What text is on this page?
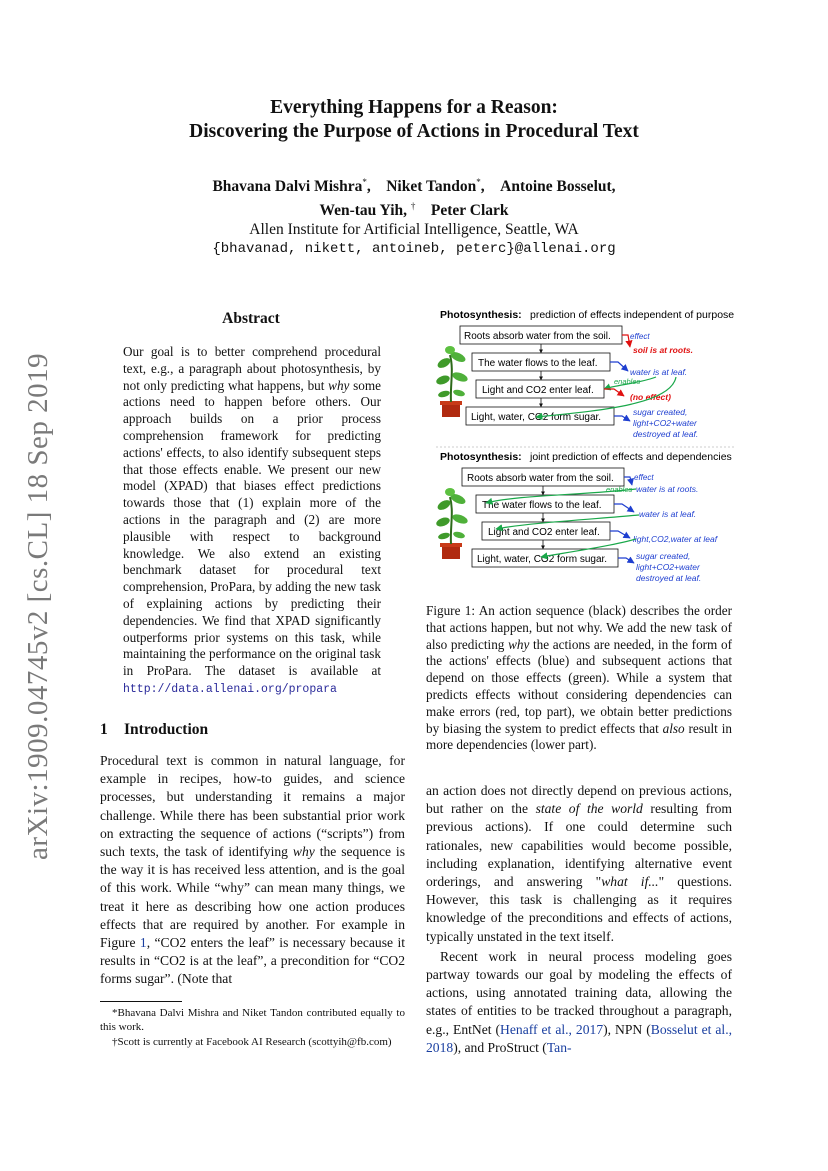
arXiv:1909.04745v2 [cs.CL] 18 Sep 2019
Everything Happens for a Reason:
Discovering the Purpose of Actions in Procedural Text
Bhavana Dalvi Mishra*, Niket Tandon*, Antoine Bosselut,
Wen-tau Yih, † Peter Clark
Allen Institute for Artificial Intelligence, Seattle, WA
{bhavanad, nikett, antoineb, peterc}@allenai.org
Abstract
Our goal is to better comprehend procedural text, e.g., a paragraph about photosynthesis, by not only predicting what happens, but why some actions need to happen before others. Our approach builds on a prior process comprehension framework for predicting actions' effects, to also identify subsequent steps that those effects enable. We present our new model (XPAD) that biases effect predictions towards those that (1) explain more of the actions in the paragraph and (2) are more plausible with respect to background knowledge. We also extend an existing benchmark dataset for procedural text comprehension, ProPara, by adding the new task of explaining actions by predicting their dependencies. We find that XPAD significantly outperforms prior systems on this task, while maintaining the performance on the original task in ProPara. The dataset is available at http://data.allenai.org/propara
1 Introduction
Procedural text is common in natural language, for example in recipes, how-to guides, and science processes, but understanding it remains a major challenge. While there has been substantial prior work on extracting the sequence of actions (“scripts”) from such texts, the task of identifying why the sequence is the way it is has received less attention, and is the goal of this work. While “why” can mean many things, we treat it here as describing how one action produces effects that are required by another. For example in Figure 1, “CO2 enters the leaf” is necessary because it results in “CO2 is at the leaf”, a precondition for “CO2 forms sugar”. (Note that

*Bhavana Dalvi Mishra and Niket Tandon contributed equally to this work.

†Scott is currently at Facebook AI Research (scottyih@fb.com)

Photosynthesis: prediction of effects independent of purpose
Roots absorb water from the soil.
The water flows to the leaf.
Light and CO2 enter leaf.
Light, water, CO2 form sugar.
effect
soil is at roots.
water is at leaf.
enables
(no effect)
sugar created,
light+CO2+water
destroyed at leaf.
Photosynthesis: joint prediction of effects and dependencies
Roots absorb water from the soil.
The water flows to the leaf.
Light and CO2 enter leaf.
Light, water, CO2 form sugar.
effect
enables water is at roots.
water is at leaf.
light,CO2,water at leaf
sugar created,
light+CO2+water
destroyed at leaf.
Figure 1: An action sequence (black) describes the order that actions happen, but not why. We add the new task of also predicting why the actions are needed, in the form of the actions' effects (blue) and subsequent actions that depend on those effects (green). While a system that predicts effects without considering dependencies can make errors (red, top part), we obtain better predictions by biasing the system to predict effects that also result in more dependencies (lower part).

an action does not directly depend on previous actions, but rather on the state of the world resulting from previous actions). If one could determine such rationales, new capabilities would become possible, including explanation, identifying alternative event orderings, and answering "what if..." questions. However, this task is challenging as it requires knowledge of the preconditions and effects of actions, typically unstated in the text itself.

Recent work in neural process modeling goes partway towards our goal by modeling the effects of actions, using annotated training data, allowing the states of entities to be tracked throughout a paragraph, e.g., EntNet (Henaff et al., 2017), NPN (Bosselut et al., 2018), and ProStruct (Tan-
